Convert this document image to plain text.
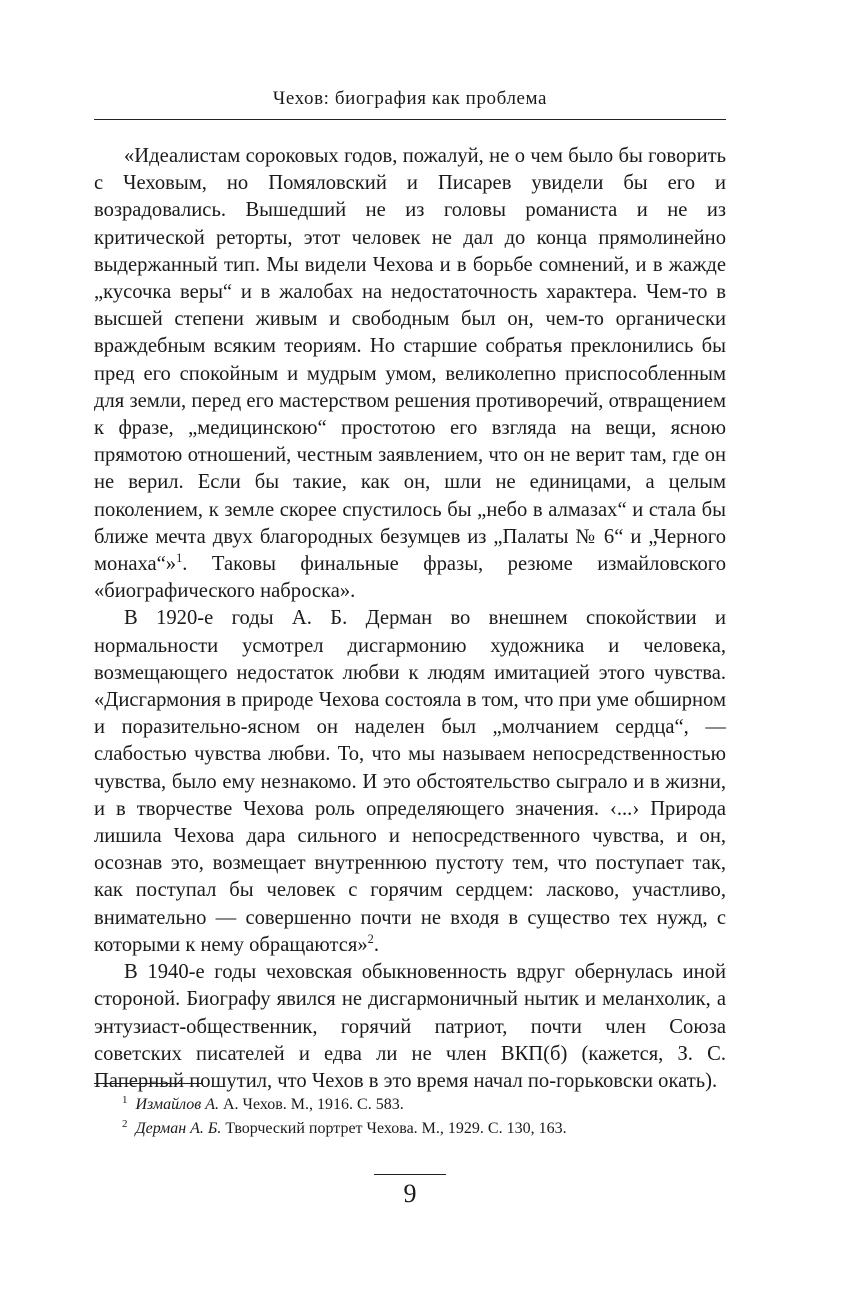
Чехов: биография как проблема

«Идеалистам сороковых годов, пожалуй, не о чем было бы говорить с Чеховым, но Помяловский и Писарев увидели бы его и возрадовались. Вышедший не из головы романиста и не из критической реторты, этот человек не дал до конца прямолинейно выдержанный тип. Мы видели Чехова и в борьбе сомнений, и в жажде „кусочка веры“ и в жалобах на недостаточность характера. Чем-то в высшей степени живым и свободным был он, чем-то органически враждебным всяким теориям. Но старшие собратья преклонились бы пред его спокойным и мудрым умом, великолепно приспособленным для земли, перед его мастерством решения противоречий, отвращением к фразе, „медицинскою“ простотою его взгляда на вещи, ясною прямотою отношений, честным заявлением, что он не верит там, где он не верил. Если бы такие, как он, шли не единицами, а целым поколением, к земле скорее спустилось бы „небо в алмазах“ и стала бы ближе мечта двух благородных безумцев из „Палаты № 6“ и „Черного монаха“»$^1$. Таковы финальные фразы, резюме измайловского «биографического наброска».

В 1920-е годы А. Б. Дерман во внешнем спокойствии и нормальности усмотрел дисгармонию художника и человека, возмещающего недостаток любви к людям имитацией этого чувства. «Дисгармония в природе Чехова состояла в том, что при уме обширном и поразительно-ясном он наделен был „молчанием сердца“, — слабостью чувства любви. То, что мы называем непосредственностью чувства, было ему незнакомо. И это обстоятельство сыграло и в жизни, и в творчестве Чехова роль определяющего значения. ‹...› Природа лишила Чехова дара сильного и непосредственного чувства, и он, осознав это, возмещает внутреннюю пустоту тем, что поступает так, как поступал бы человек с горячим сердцем: ласково, участливо, внимательно — совершенно почти не входя в существо тех нужд, с которыми к нему обращаются»$^2$.

В 1940-е годы чеховская обыкновенность вдруг обернулась иной стороной. Биографу явился не дисгармоничный нытик и меланхолик, а энтузиаст-общественник, горячий патриот, почти член Союза советских писателей и едва ли не член ВКП(б) (кажется, З. С. Паперный пошутил, что Чехов в это время начал по-горьковски окать).

$^1$ Измайлов А. А. Чехов. М., 1916. С. 583.
$^2$ Дерман А. Б. Творческий портрет Чехова. М., 1929. С. 130, 163.
9
